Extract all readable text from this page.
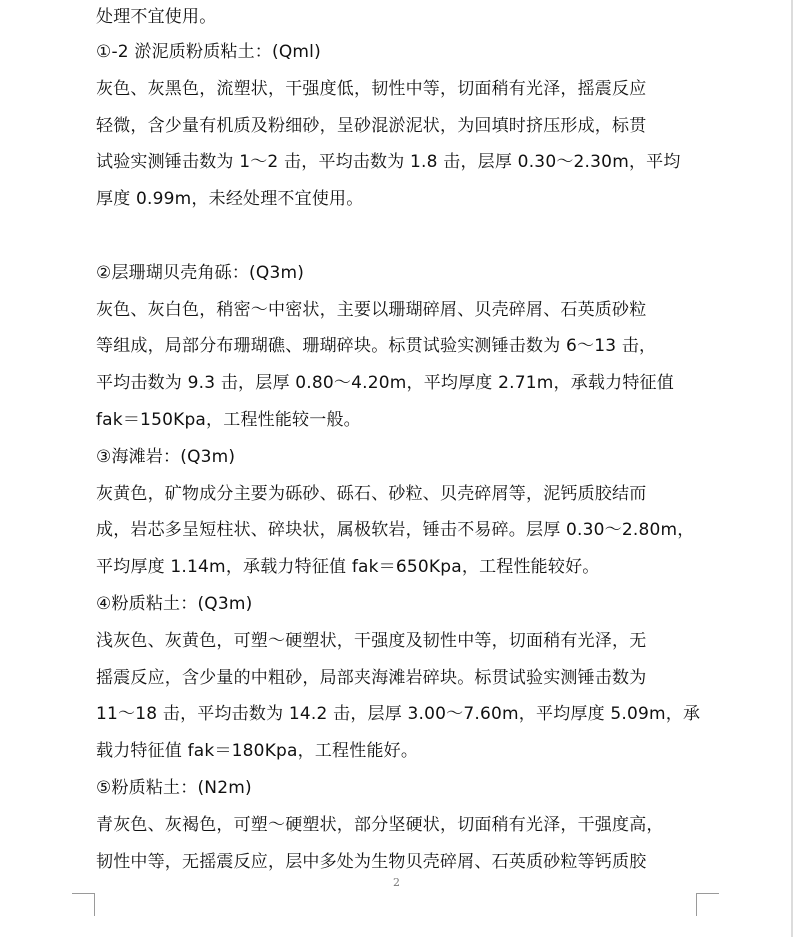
处理不宜使用。
①-2 淤泥质粉质粘土：(Qml)
灰色、灰黑色，流塑状，干强度低，韧性中等，切面稍有光泽，摇震反应
轻微，含少量有机质及粉细砂，呈砂混淤泥状，为回填时挤压形成，标贯
试验实测锤击数为 1～2 击，平均击数为 1.8 击，层厚 0.30～2.30m，平均
厚度 0.99m，未经处理不宜使用。
②层珊瑚贝壳角砾：(Q3m)
灰色、灰白色，稍密～中密状，主要以珊瑚碎屑、贝壳碎屑、石英质砂粒
等组成，局部分布珊瑚礁、珊瑚碎块。标贯试验实测锤击数为 6～13 击，
平均击数为 9.3 击，层厚 0.80～4.20m，平均厚度 2.71m，承载力特征值
fak＝150Kpa，工程性能较一般。
③海滩岩：(Q3m)
灰黄色，矿物成分主要为砾砂、砾石、砂粒、贝壳碎屑等，泥钙质胶结而
成，岩芯多呈短柱状、碎块状，属极软岩，锤击不易碎。层厚 0.30～2.80m，
平均厚度 1.14m，承载力特征值 fak＝650Kpa，工程性能较好。
④粉质粘土：(Q3m)
浅灰色、灰黄色，可塑～硬塑状，干强度及韧性中等，切面稍有光泽，无
摇震反应，含少量的中粗砂，局部夹海滩岩碎块。标贯试验实测锤击数为
11～18 击，平均击数为 14.2 击，层厚 3.00～7.60m，平均厚度 5.09m，承
载力特征值 fak＝180Kpa，工程性能好。
⑤粉质粘土：(N2m)
青灰色、灰褐色，可塑～硬塑状，部分坚硬状，切面稍有光泽，干强度高，
韧性中等，无摇震反应，层中多处为生物贝壳碎屑、石英质砂粒等钙质胶
2
